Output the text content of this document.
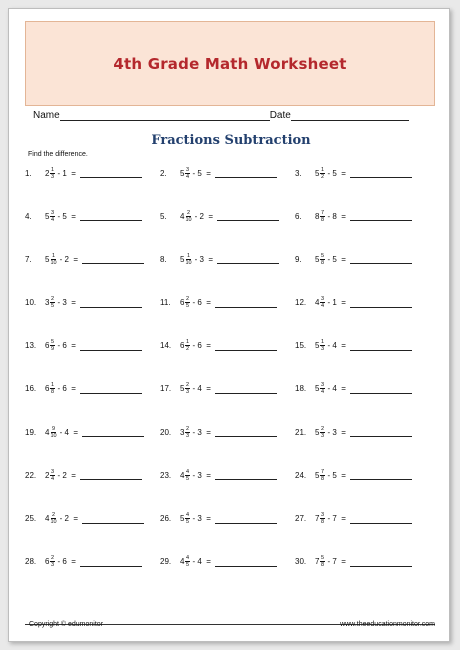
4th Grade Math Worksheet
Name	Date
Fractions Subtraction
Find the difference.
1.	$2 \frac{1}{3} - 1$  =	2.	$5 \frac{3}{4} - 5$  =	3.	$5 \frac{1}{2} - 5$  =
4.	$5 \frac{3}{4} - 5$  =	5.	$4 \frac{2}{10} - 2$  =	6.	$8 \frac{7}{8} - 8$  =
7.	$5 \frac{1}{10} - 2$  =	8.	$5 \frac{1}{10} - 3$  =	9.	$5 \frac{5}{8} - 5$  =
10.	$3 \frac{2}{5} - 3$  =	11.	$6 \frac{2}{5} - 6$  =	12.	$4 \frac{3}{4} - 1$  =
13.	$6 \frac{5}{9} - 6$  =	14.	$6 \frac{1}{2} - 6$  =	15.	$5 \frac{1}{3} - 4$  =
16.	$6 \frac{1}{8} - 6$  =	17.	$5 \frac{2}{3} - 4$  =	18.	$5 \frac{3}{4} - 4$  =
19.	$4 \frac{9}{10} - 4$  =	20.	$3 \frac{2}{3} - 3$  =	21.	$5 \frac{2}{3} - 3$  =
22.	$2 \frac{3}{4} - 2$  =	23.	$4 \frac{4}{5} - 3$  =	24.	$5 \frac{7}{8} - 5$  =
25.	$4 \frac{2}{10} - 2$  =	26.	$5 \frac{4}{5} - 3$  =	27.	$7 \frac{3}{8} - 7$  =
28.	$6 \frac{2}{3} - 6$  =	29.	$4 \frac{4}{5} - 4$  =	30.	$7 \frac{5}{8} - 7$  =
Copyright © edumonitor	www.theeducationmonitor.com
